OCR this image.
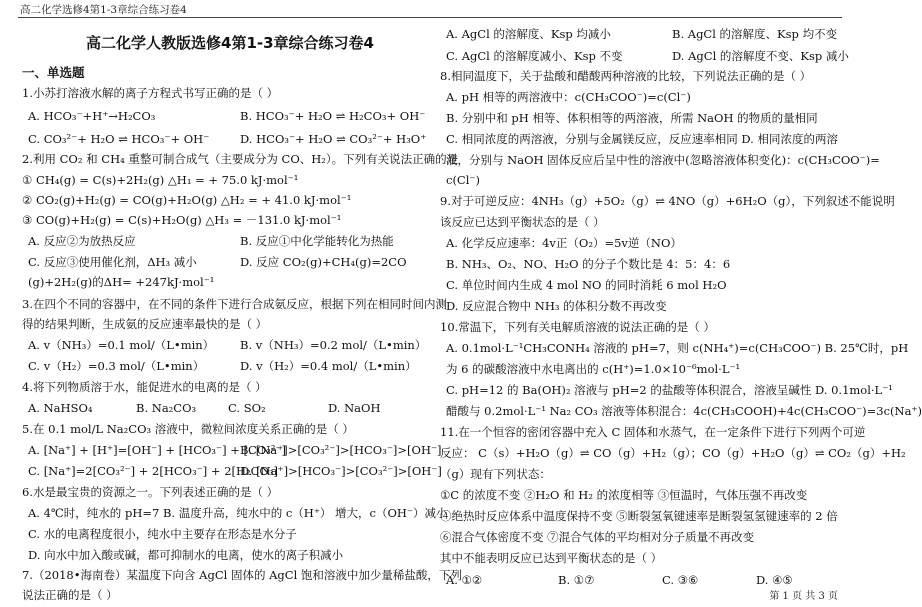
高二化学选修4第1-3章综合练习卷4
高二化学人教版选修4第1-3章综合练习卷4
一、单选题
1.小苏打溶液水解的离子方程式书写正确的是（ ）
A. HCO₃⁻+H⁺→H₂CO₃	B. HCO₃⁻+ H₂O ⇌ H₂CO₃+ OH⁻
C. CO₃²⁻+ H₂O ⇌ HCO₃⁻+ OH⁻	D. HCO₃⁻+ H₂O ⇌ CO₃²⁻+ H₃O⁺
2.利用 CO₂ 和 CH₄ 重整可制合成气（主要成分为 CO、H₂）。下列有关说法正确的是
① CH₄(g) = C(s)+2H₂(g) △H₁ = + 75.0 kJ·mol⁻¹
② CO₂(g)+H₂(g) = CO(g)+H₂O(g) △H₂ = + 41.0 kJ·mol⁻¹
③ CO(g)+H₂(g) = C(s)+H₂O(g) △H₃ = －131.0 kJ·mol⁻¹
A. 反应②为放热反应	B. 反应①中化学能转化为热能
C. 反应③使用催化剂，ΔH₃ 减小	D. 反应 CO₂(g)+CH₄(g)=2CO
(g)+2H₂(g)的ΔH= +247kJ·mol⁻¹
3.在四个不同的容器中，在不同的条件下进行合成氨反应，根据下列在相同时间内测
得的结果判断，生成氨的反应速率最快的是（ ）
A. v（NH₃）=0.1 mol/（L•min） B. v（NH₃）=0.2 mol/（L•min）
C. v（H₂）=0.3 mol/（L•min）	D. v（H₂）=0.4 mol/（L•min）
4.将下列物质溶于水，能促进水的电离的是（ ）
A. NaHSO₄	B. Na₂CO₃	C. SO₂	D. NaOH
5.在 0.1 mol/L Na₂CO₃ 溶液中，微粒间浓度关系正确的是（ ）
A. [Na⁺] + [H⁺]=[OH⁻] + [HCO₃⁻] + [CO₃²⁻]
B. [Na⁺]>[CO₃²⁻]>[HCO₃⁻]>[OH⁻]
C. [Na⁺]=2[CO₃²⁻] + 2[HCO₃⁻] + 2[H₂CO₃]
D. [Na⁺]>[HCO₃⁻]>[CO₃²⁻]>[OH⁻]
6.水是最宝贵的资源之一。下列表述正确的是（ ）
A. 4℃时，纯水的 pH=7 B. 温度升高，纯水中的 c（H⁺） 增大，c（OH⁻）减小
C. 水的电离程度很小，纯水中主要存在形态是水分子
D. 向水中加入酸或碱，都可抑制水的电离，使水的离子积减小
7.（2018•海南卷）某温度下向含 AgCl 固体的 AgCl 饱和溶液中加少量稀盐酸，下列
说法正确的是（ ）
A. AgCl 的溶解度、Ksp 均减小	B. AgCl 的溶解度、Ksp 均不变
C. AgCl 的溶解度减小、Ksp 不变	D. AgCl 的溶解度不变、Ksp 减小
8.相同温度下，关于盐酸和醋酸两种溶液的比较，下列说法正确的是（ ）
A. pH 相等的两溶液中：c(CH₃COO⁻)=c(Cl⁻)
B. 分别中和 pH 相等、体积相等的两溶液，所需 NaOH 的物质的量相同
C. 相同浓度的两溶液，分别与金属镁反应，反应速率相同 D. 相同浓度的两溶
液，分别与 NaOH 固体反应后呈中性的溶液中(忽略溶液体积变化)：c(CH₃COO⁻)=
c(Cl⁻)
9.对于可逆反应：4NH₃（g）+5O₂（g）⇌ 4NO（g）+6H₂O（g），下列叙述不能说明
该反应已达到平衡状态的是（ ）
A. 化学反应速率：4v正（O₂）=5v逆（NO）
B. NH₃、O₂、NO、H₂O 的分子个数比是 4：5：4：6
C. 单位时间内生成 4 mol NO 的同时消耗 6 mol H₂O
D. 反应混合物中 NH₃ 的体积分数不再改变
10.常温下，下列有关电解质溶液的说法正确的是（ ）
A. 0.1mol·L⁻¹CH₃CONH₄ 溶液的 pH=7，则 c(NH₄⁺)=c(CH₃COO⁻) B. 25℃时，pH
为 6 的碳酸溶液中水电离出的 c(H⁺)=1.0×10⁻⁶mol·L⁻¹
C. pH=12 的 Ba(OH)₂ 溶液与 pH=2 的盐酸等体积混合，溶液呈碱性 D. 0.1mol·L⁻¹
醋酸与 0.2mol·L⁻¹ Na₂ CO₃ 溶液等体积混合：4c(CH₃COOH)+4c(CH₃COO⁻)=3c(Na⁺)
11.在一个恒容的密闭容器中充入 C 固体和水蒸气，在一定条件下进行下列两个可逆
反应： C（s）+H₂O（g）⇌ CO（g）+H₂（g）；CO（g）+H₂O（g）⇌ CO₂（g）+H₂
（g）现有下列状态：
①C 的浓度不变 ②H₂O 和 H₂ 的浓度相等 ③恒温时，气体压强不再改变
④绝热时反应体系中温度保持不变 ⑤断裂氢氧键速率是断裂氢氢键速率的 2 倍
⑥混合气体密度不变 ⑦混合气体的平均相对分子质量不再改变
其中不能表明反应已达到平衡状态的是（ ）
A. ①②	B. ①⑦	C. ③⑥	D. ④⑤
第 1 页 共 3 页
